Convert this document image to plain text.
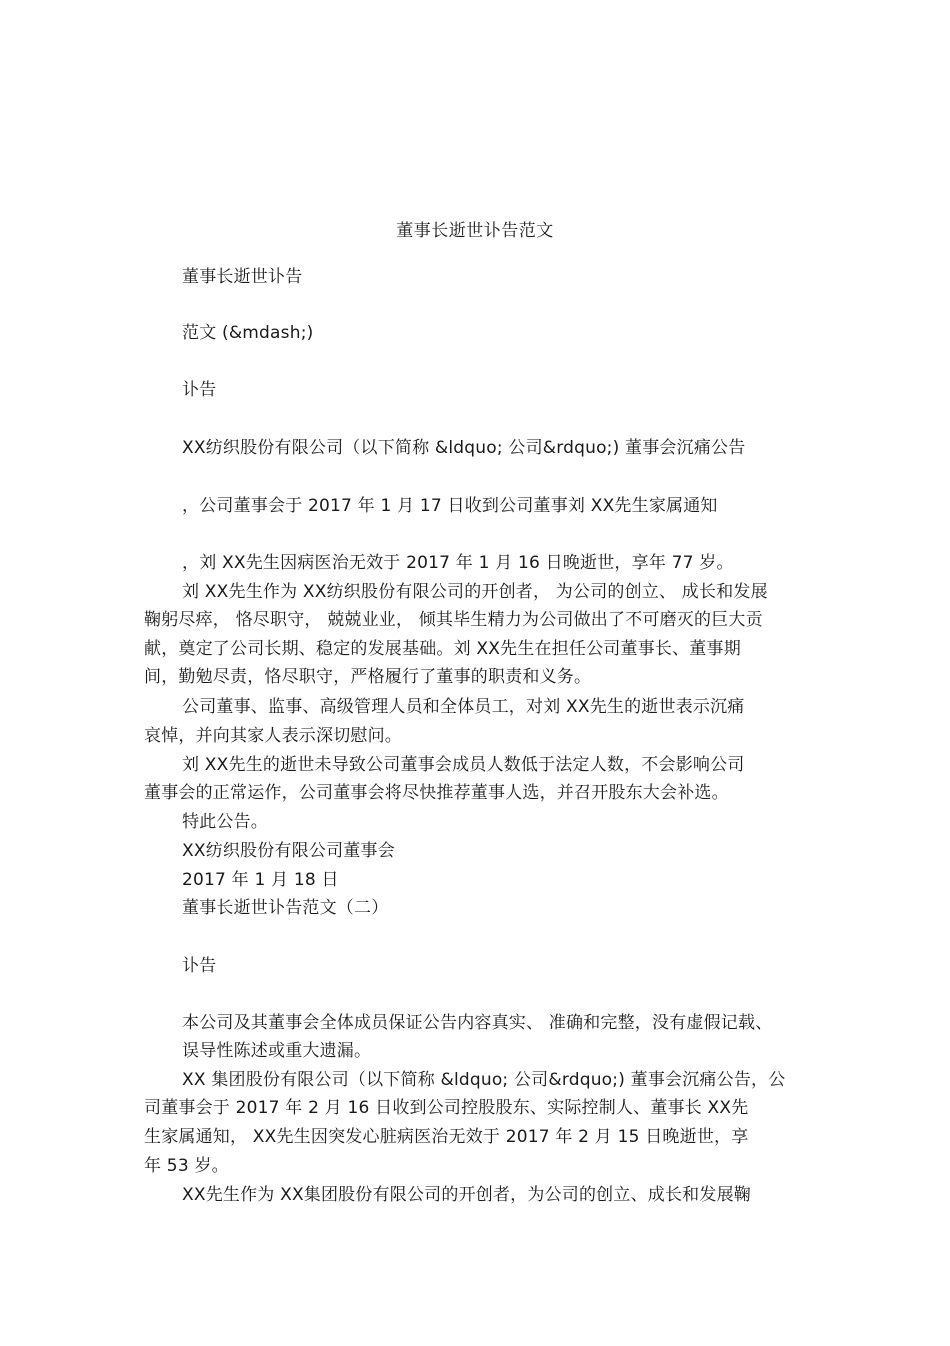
董事长逝世讣告范文
董事长逝世讣告
范文 (&mdash;)
讣告
XX纺织股份有限公司（以下简称 &ldquo; 公司&rdquo;) 董事会沉痛公告
，公司董事会于 2017 年 1 月 17 日收到公司董事刘 XX先生家属通知
，刘 XX先生因病医治无效于 2017 年 1 月 16 日晚逝世，享年 77 岁。
刘 XX先生作为 XX纺织股份有限公司的开创者， 为公司的创立、 成长和发展
鞠躬尽瘁， 恪尽职守， 兢兢业业， 倾其毕生精力为公司做出了不可磨灭的巨大贡
献，奠定了公司长期、稳定的发展基础。刘 XX先生在担任公司董事长、董事期
间，勤勉尽责，恪尽职守，严格履行了董事的职责和义务。
公司董事、监事、高级管理人员和全体员工，对刘 XX先生的逝世表示沉痛
哀悼，并向其家人表示深切慰问。
刘 XX先生的逝世未导致公司董事会成员人数低于法定人数，不会影响公司
董事会的正常运作，公司董事会将尽快推荐董事人选，并召开股东大会补选。
特此公告。
XX纺织股份有限公司董事会
2017 年 1 月 18 日
董事长逝世讣告范文（二）
讣告
本公司及其董事会全体成员保证公告内容真实、 准确和完整，没有虚假记载、
误导性陈述或重大遗漏。
XX 集团股份有限公司（以下简称 &ldquo; 公司&rdquo;) 董事会沉痛公告，公
司董事会于 2017 年 2 月 16 日收到公司控股股东、实际控制人、董事长 XX先
生家属通知， XX先生因突发心脏病医治无效于 2017 年 2 月 15 日晚逝世，享
年 53 岁。
XX先生作为 XX集团股份有限公司的开创者，为公司的创立、成长和发展鞠
